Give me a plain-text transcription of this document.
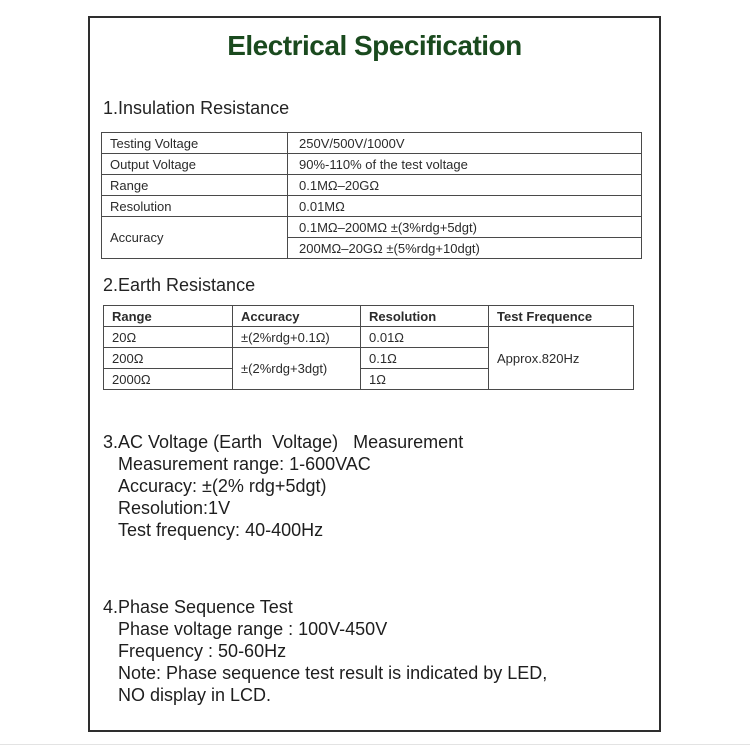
Electrical Specification
1.Insulation Resistance
Testing Voltage	250V/500V/1000V
Output Voltage	90%-110% of the test voltage
Range	0.1MΩ–20GΩ
Resolution	0.01MΩ
Accuracy	0.1MΩ–200MΩ ±(3%rdg+5dgt)
	200MΩ–20GΩ ±(5%rdg+10dgt)
2.Earth Resistance
Range	Accuracy	Resolution	Test Frequence
20Ω	±(2%rdg+0.1Ω)	0.01Ω	Approx.820Hz
200Ω	±(2%rdg+3dgt)	0.1Ω	
2000Ω		1Ω	
3.AC Voltage (Earth  Voltage)   Measurement
Measurement range: 1-600VAC
Accuracy: ±(2% rdg+5dgt)
Resolution:1V
Test frequency: 40-400Hz
4.Phase Sequence Test
Phase voltage range : 100V-450V
Frequency : 50-60Hz
Note: Phase sequence test result is indicated by LED,
NO display in LCD.
